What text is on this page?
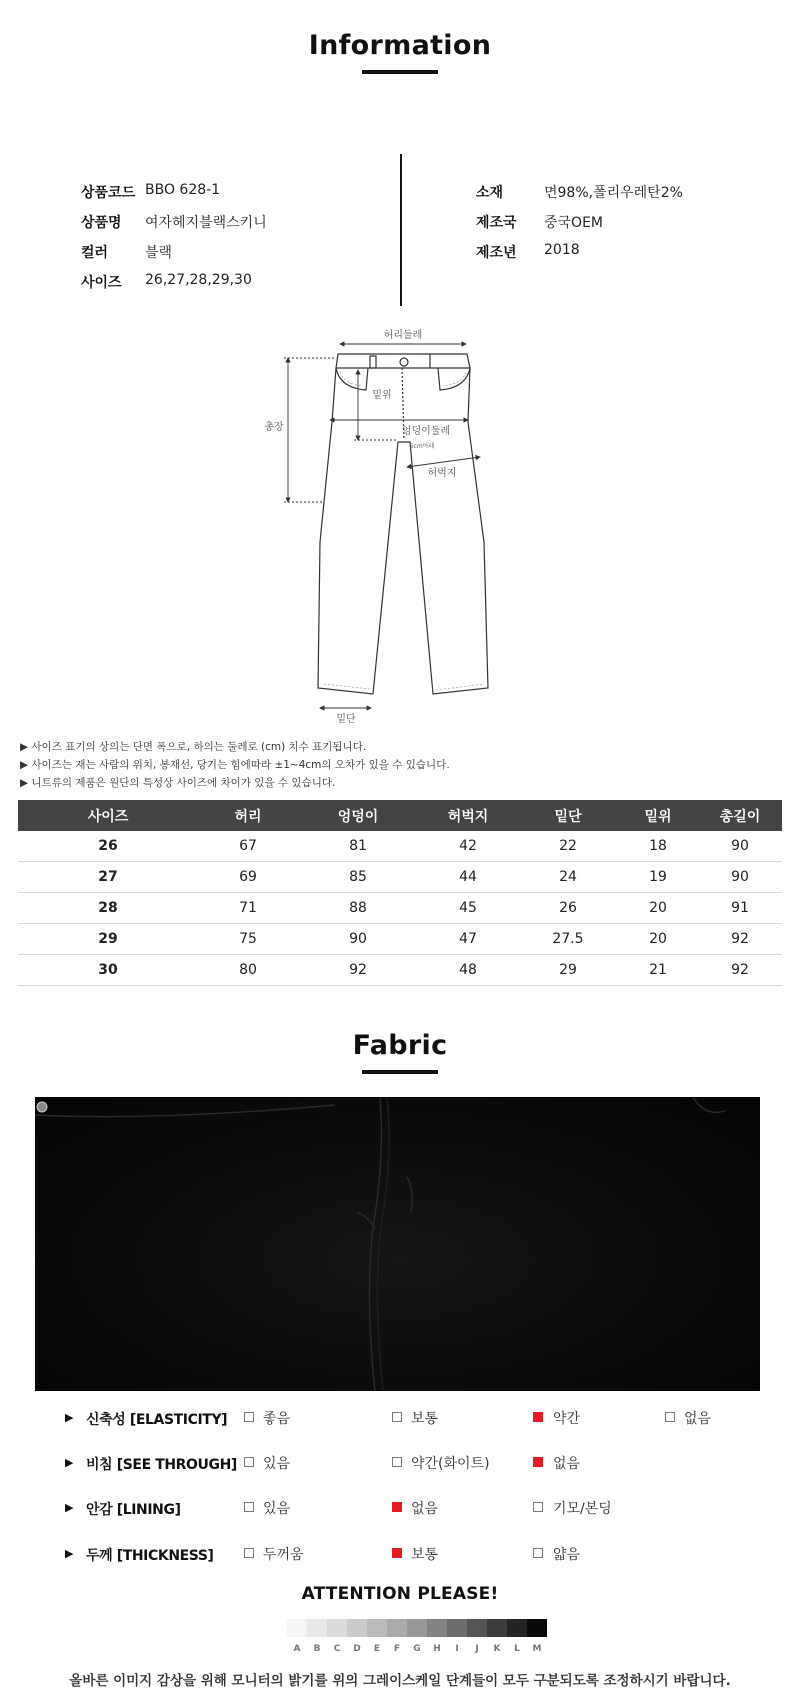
Information
상품코드 BBO 628-1
상품명 여자헤지블랙스키니
컬러	블랙
사이즈 26,27,28,29,30
소재	면98%,폴리우레탄2%
제조국 중국OEM
제조년 2018
허리둘레
총장
밑위
엉덩이둘레
허벅지
5cm아래
밑단
▶ 사이즈 표기의 상의는 단면 폭으로, 하의는 둘레로 (cm) 치수 표기됩니다.
▶ 사이즈는 재는 사람의 위치, 봉재선, 당기는 힘에따라 ±1~4cm의 오차가 있을 수 있습니다.
▶ 니트류의 제품은 원단의 특성상 사이즈에 차이가 있을 수 있습니다.
사이즈	허리	엉덩이	허벅지	밑단	밑위	총길이
26	67	81	42	22	18	90
27	69	85	44	24	19	90
28	71	88	45	26	20	91
29	75	90	47	27.5	20	92
30	80	92	48	29	21	92
Fabric
▶ 신축성 [ELASTICITY]	좋음	보통	약간	없음
▶ 비침 [SEE THROUGH] 있음	약간(화이트)	없음
▶ 안감 [LINING]	있음	없음	기모/본딩
▶ 두께 [THICKNESS]	두꺼움	보통	얇음
ATTENTION PLEASE!
A	B	C	D	E	F	G	H	I	J	K	L	M
올바른 이미지 감상을 위해 모니터의 밝기를 위의 그레이스케일 단계들이 모두 구분되도록 조정하시기 바랍니다.
